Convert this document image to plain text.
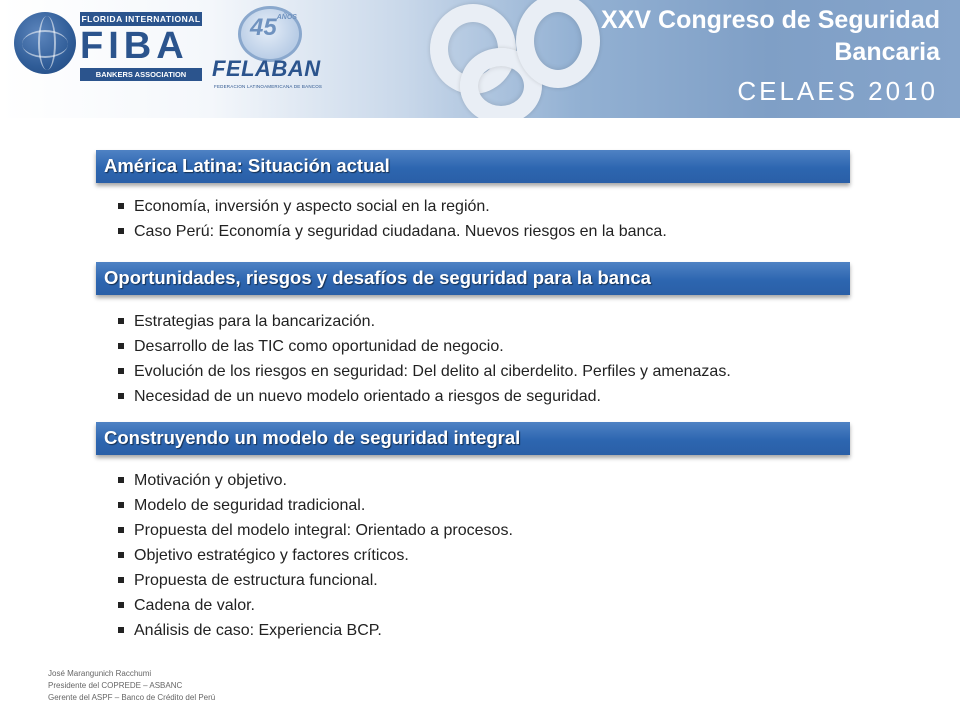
FLORIDA INTERNATIONAL
FIBA
BANKERS ASSOCIATION
$45^{AÑOS}$
FELABAN
FEDERACION LATINOAMERICANA DE BANCOS
XXV Congreso de Seguridad
Bancaria
CELAES 2010
América Latina: Situación actual
Economía, inversión y aspecto social en la región.
Caso Perú: Economía y seguridad ciudadana. Nuevos riesgos en la banca.
Oportunidades, riesgos y desafíos de seguridad para la banca
Estrategias para la bancarización.
Desarrollo de las TIC como oportunidad de negocio.
Evolución de los riesgos en seguridad: Del delito al ciberdelito. Perfiles y amenazas.
Necesidad de un nuevo modelo orientado a riesgos de seguridad.
Construyendo un modelo de seguridad integral
Motivación y objetivo.
Modelo de seguridad tradicional.
Propuesta del modelo integral: Orientado a procesos.
Objetivo estratégico y factores críticos.
Propuesta de estructura funcional.
Cadena de valor.
Análisis de caso: Experiencia BCP.
José Marangunich Racchumi
Presidente del COPREDE – ASBANC
Gerente del ASPF – Banco de Crédito del Perú
